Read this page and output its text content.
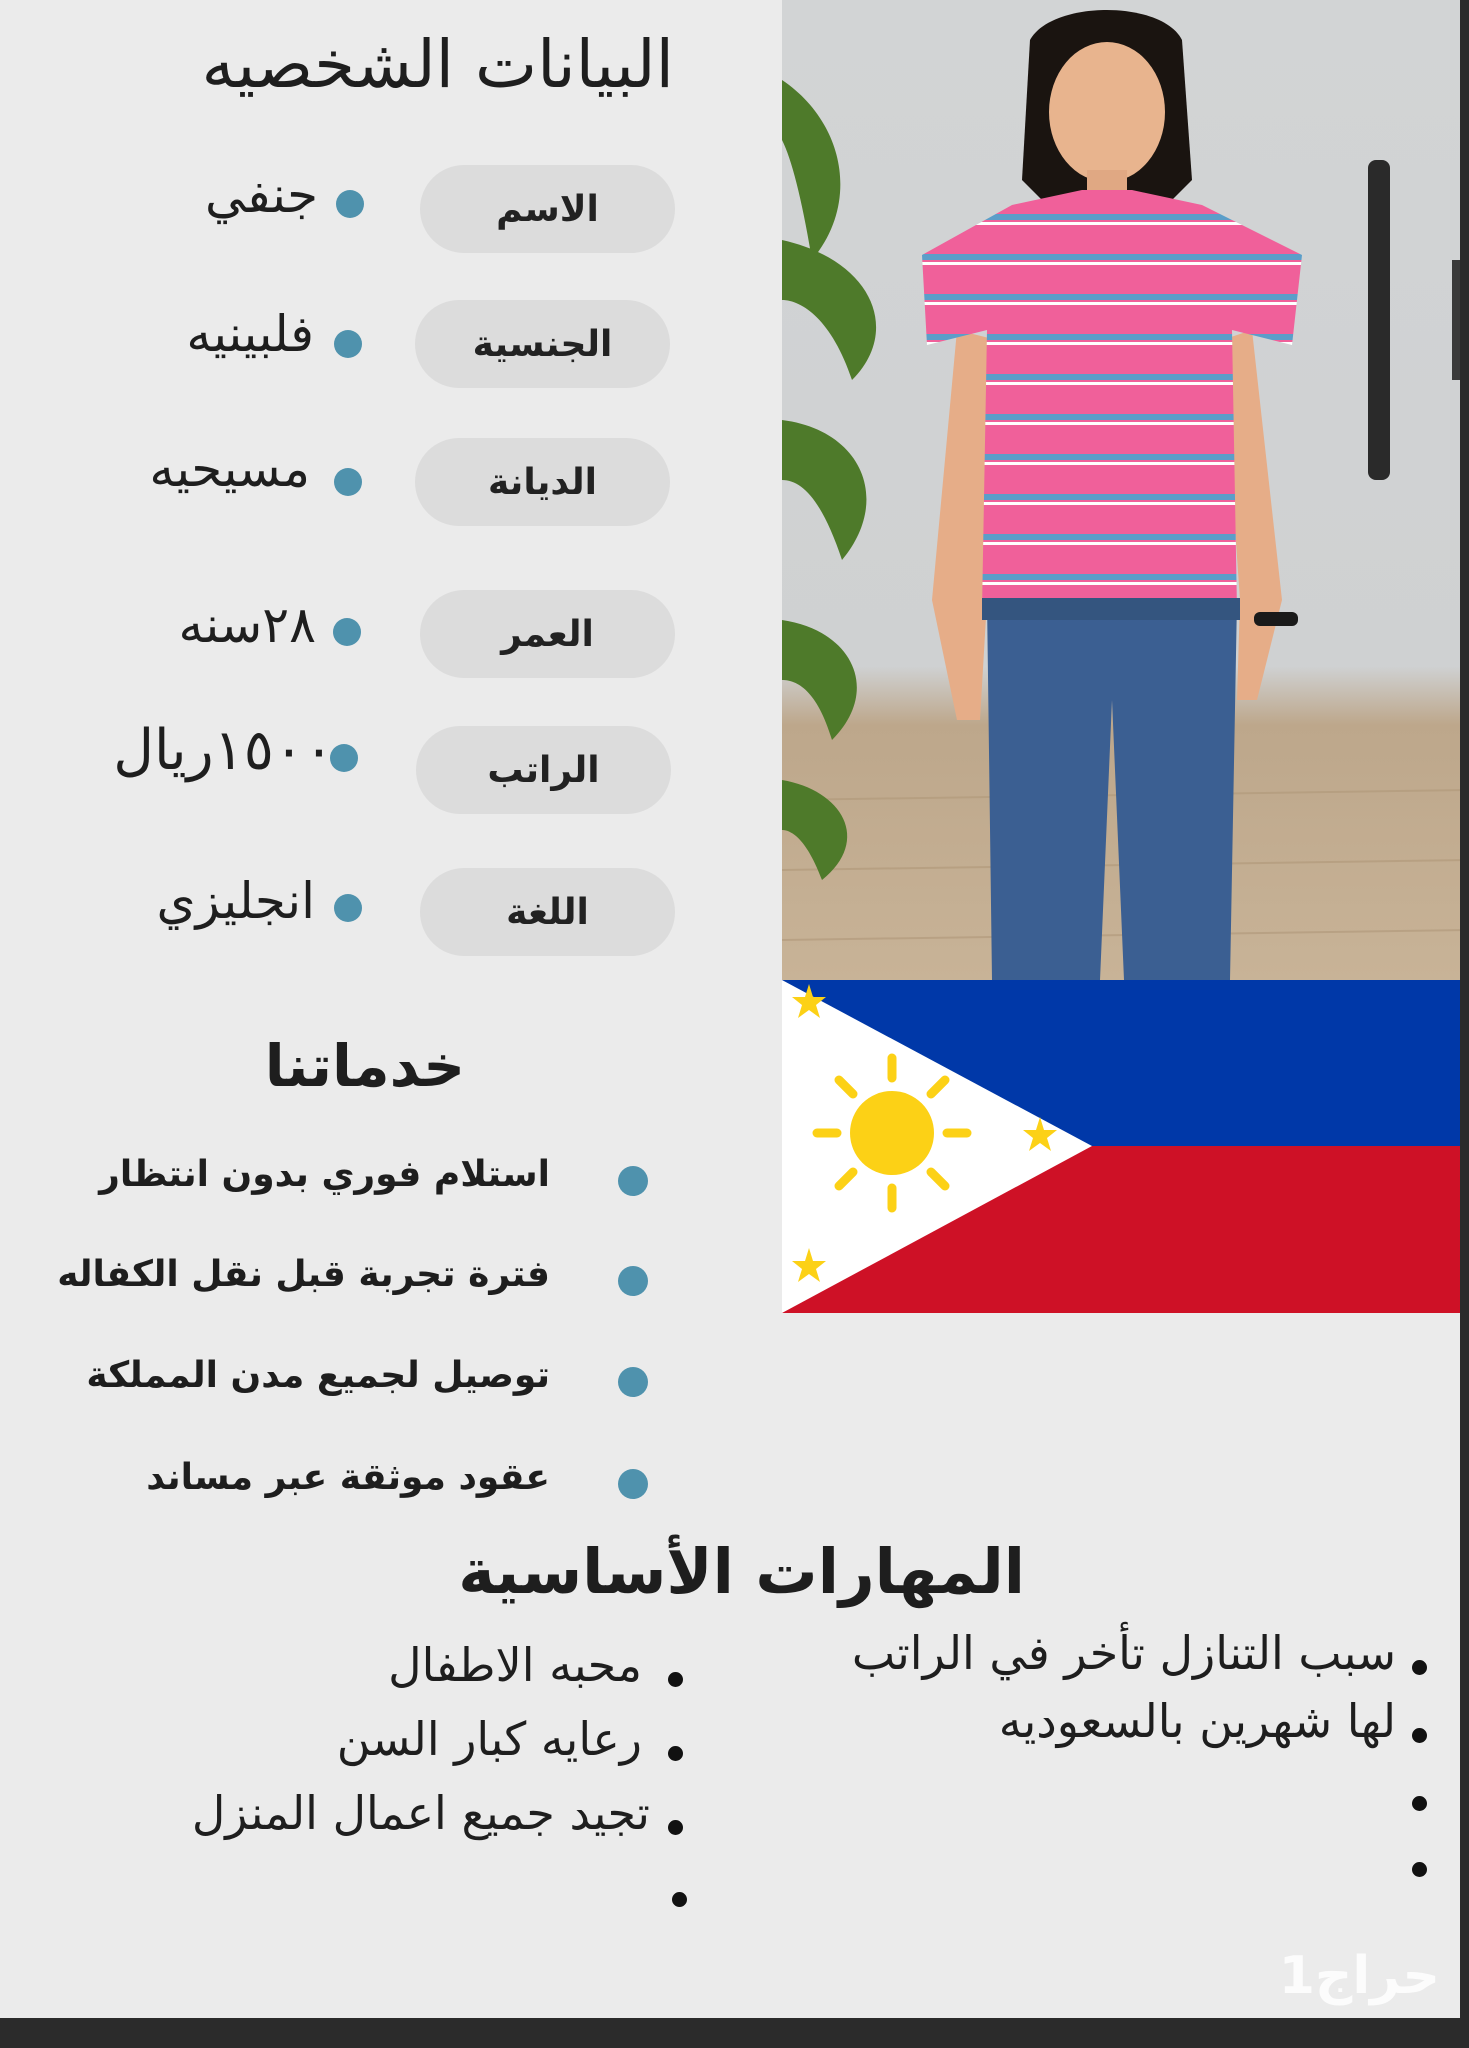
البيانات الشخصيه
الاسم
جنفي
الجنسية
فلبينيه
الديانة
مسيحيه
العمر
٢٨سنه
الراتب
١٥٠٠ريال
اللغة
انجليزي
خدماتنا
استلام فوري بدون انتظار
فترة تجربة قبل نقل الكفاله
توصيل لجميع مدن المملكة
عقود موثقة عبر مساند
المهارات الأساسية
محبه الاطفال
رعايه كبار السن
تجيد جميع اعمال المنزل
سبب التنازل تأخر في الراتب
لها شهرين بالسعوديه
حراج1
